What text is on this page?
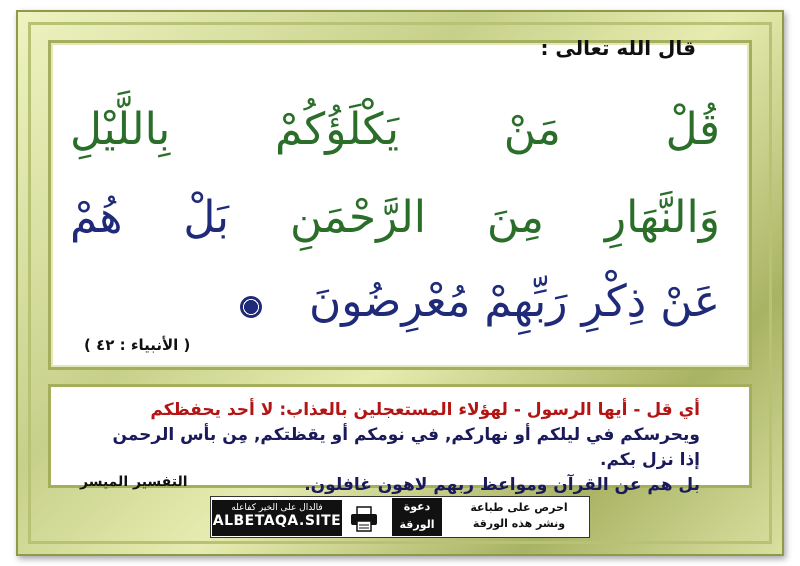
قال الله تعالى :
قُلْ مَنْ يَكْلَؤُكُمْ بِاللَّيْلِ
وَالنَّهَارِ مِنَ الرَّحْمَنِ بَلْ هُمْ
عَنْ ذِكْرِ رَبِّهِمْ مُعْرِضُونَ
( الأنبياء : ٤٢ )
أي قل - أيها الرسول - لهؤلاء المستعجلين بالعذاب: لا أحد يحفظكم
ويحرسكم في ليلكم أو نهاركم, في نومكم أو يقظتكم, مِن بأس الرحمن إذا نزل بكم.
بل هم عن القرآن ومواعظ ربهم لاهون غافلون.
التفسير الميسر
فالدال على الخير كفاعله
ALBETAQA.SITE
دعوة الورقة
احرص على طباعة
ونشر هذه الورقة
